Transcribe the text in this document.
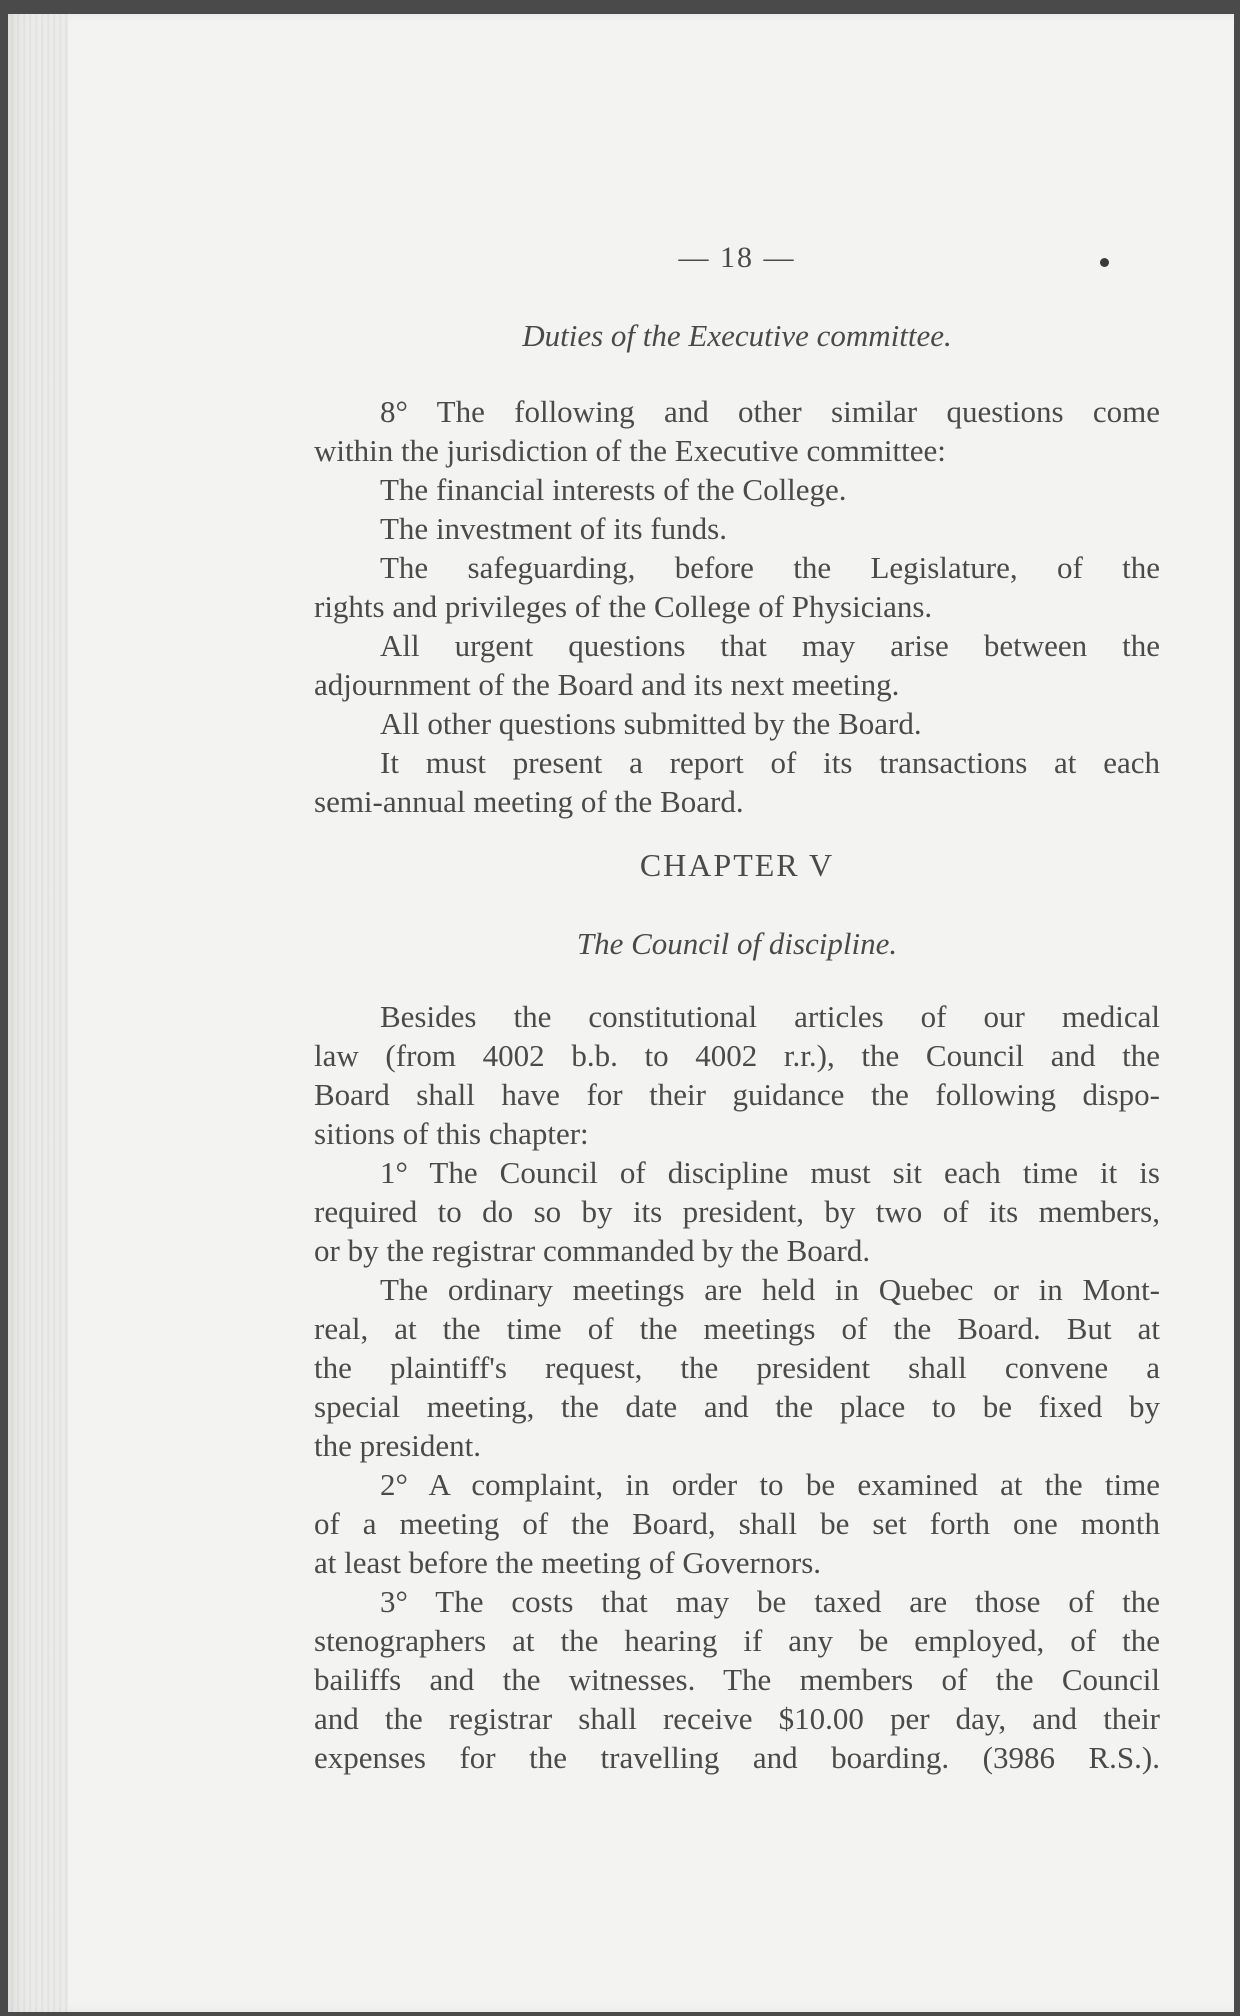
— 18 —
Duties of the Executive committee.
8° The following and other similar questions come
within the jurisdiction of the Executive committee:
The financial interests of the College.
The investment of its funds.
The safeguarding, before the Legislature, of the
rights and privileges of the College of Physicians.
All urgent questions that may arise between the
adjournment of the Board and its next meeting.
All other questions submitted by the Board.
It must present a report of its transactions at each
semi-annual meeting of the Board.
CHAPTER V
The Council of discipline.
Besides the constitutional articles of our medical
law (from 4002 b.b. to 4002 r.r.), the Council and the
Board shall have for their guidance the following dispo-
sitions of this chapter:
1° The Council of discipline must sit each time it is
required to do so by its president, by two of its members,
or by the registrar commanded by the Board.
The ordinary meetings are held in Quebec or in Mont-
real, at the time of the meetings of the Board. But at
the plaintiff's request, the president shall convene a
special meeting, the date and the place to be fixed by
the president.
2° A complaint, in order to be examined at the time
of a meeting of the Board, shall be set forth one month
at least before the meeting of Governors.
3° The costs that may be taxed are those of the
stenographers at the hearing if any be employed, of the
bailiffs and the witnesses. The members of the Council
and the registrar shall receive $10.00 per day, and their
expenses for the travelling and boarding. (3986 R.S.).
